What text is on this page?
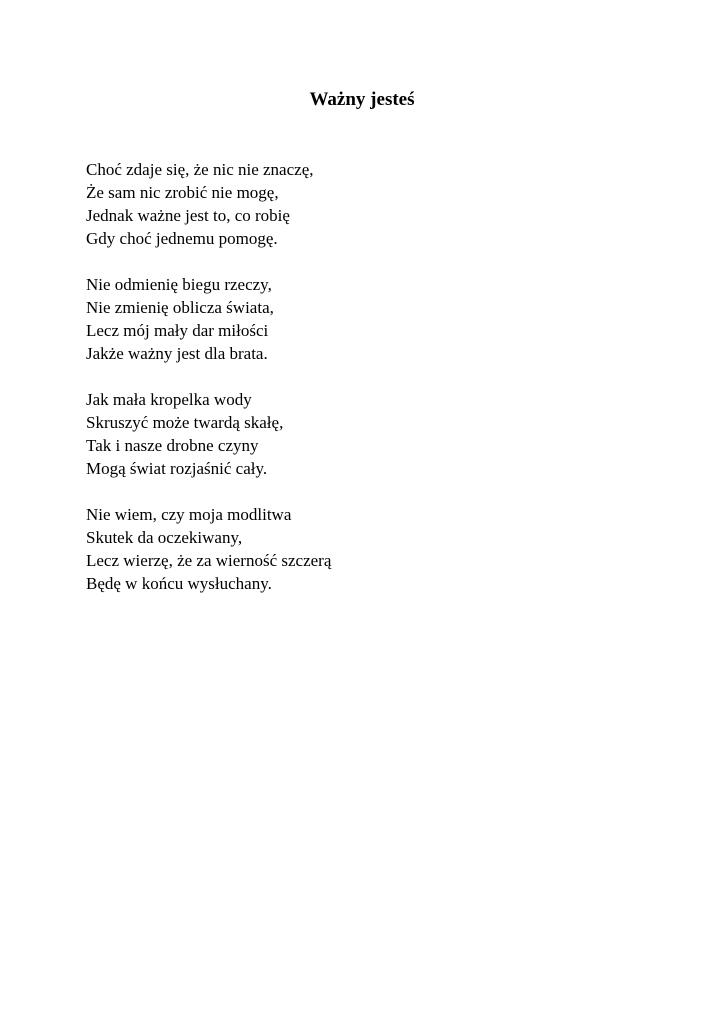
Ważny jesteś
Choć zdaje się, że nic nie znaczę,
Że sam nic zrobić nie mogę,
Jednak ważne jest to, co robię
Gdy choć jednemu pomogę.
Nie odmienię biegu rzeczy,
Nie zmienię oblicza świata,
Lecz mój mały dar miłości
Jakże ważny jest dla brata.
Jak mała kropelka wody
Skruszyć może twardą skałę,
Tak i nasze drobne czyny
Mogą świat rozjaśnić cały.
Nie wiem, czy moja modlitwa
Skutek da oczekiwany,
Lecz wierzę, że za wierność szczerą
Będę w końcu wysłuchany.
